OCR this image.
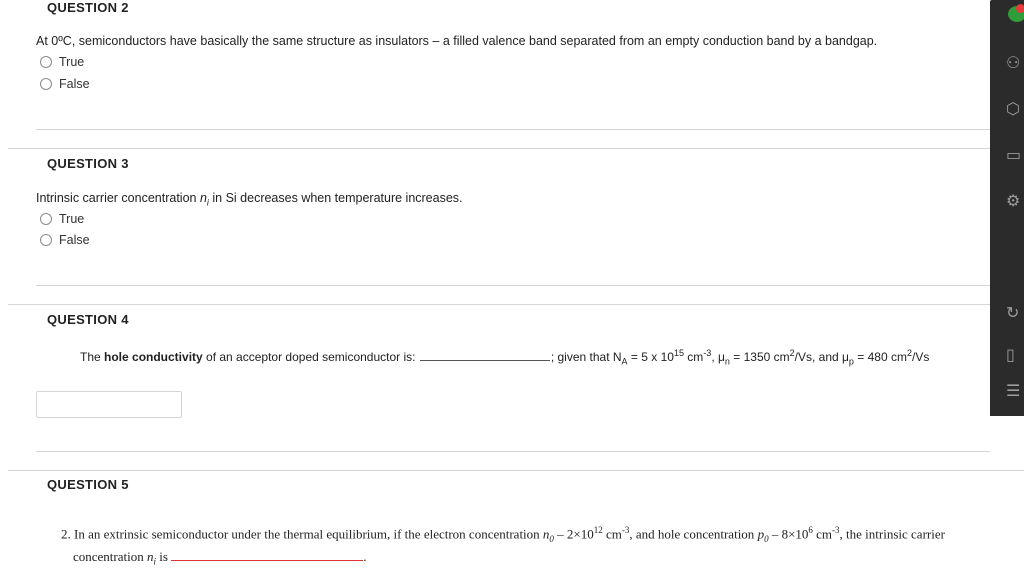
QUESTION 2
At 0ºC, semiconductors have basically the same structure as insulators – a filled valence band separated from an empty conduction band by a bandgap.
True
False
QUESTION 3
Intrinsic carrier concentration $n_i$ in Si decreases when temperature increases.
True
False
QUESTION 4
The hole conductivity of an acceptor doped semiconductor is:	; given that $N_A = 5$ x $10^{15}$ $cm^{-3}$, $\mu_n = 1350$ $cm^2/Vs$, and $\mu_p = 480$ $cm^2/Vs$
QUESTION 5
2. In an extrinsic semiconductor under the thermal equilibrium, if the electron concentration $n_0 - 2\times 10^{12}$ $cm^{-3}$, and hole concentration $p_0 - 8\times 10^6$ $cm^{-3}$, the intrinsic carrier
concentration $n_i$ is	.
⚇
⬡
▭
⚙
↻
▯
☰
